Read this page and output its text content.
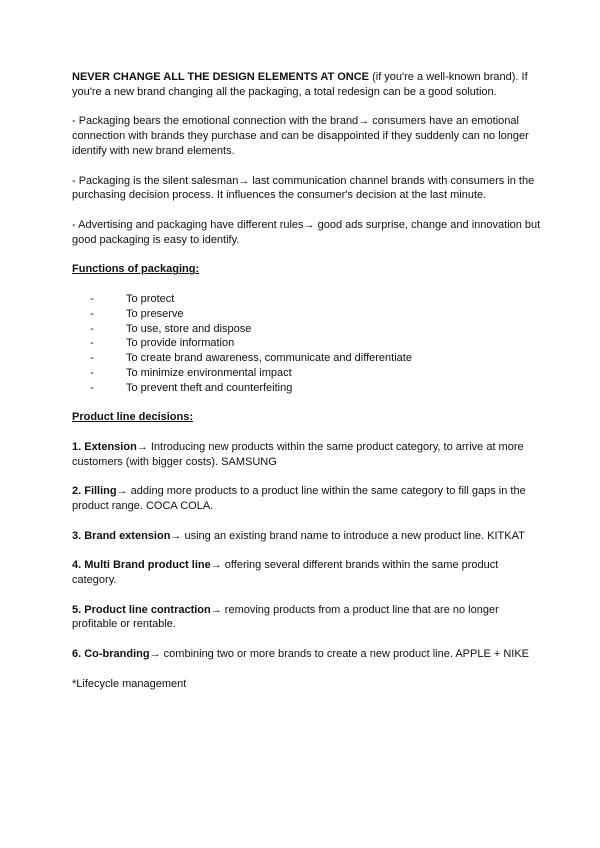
NEVER CHANGE ALL THE DESIGN ELEMENTS AT ONCE (if you're a well-known brand). If you're a new brand changing all the packaging, a total redesign can be a good solution.

- Packaging bears the emotional connection with the brand→ consumers have an emotional connection with brands they purchase and can be disappointed if they suddenly can no longer identify with new brand elements.

- Packaging is the silent salesman→ last communication channel brands with consumers in the purchasing decision process. It influences the consumer's decision at the last minute.

- Advertising and packaging have different rules→ good ads surprise, change and innovation but good packaging is easy to identify.

Functions of packaging:

-	To protect
-	To preserve
-	To use, store and dispose
-	To provide information
-	To create brand awareness, communicate and differentiate
-	To minimize environmental impact
-	To prevent theft and counterfeiting

Product line decisions:

1. Extension→ Introducing new products within the same product category, to arrive at more customers (with bigger costs). SAMSUNG

2. Filling→ adding more products to a product line within the same category to fill gaps in the product range. COCA COLA.

3. Brand extension→ using an existing brand name to introduce a new product line. KITKAT

4. Multi Brand product line→ offering several different brands within the same product category.

5. Product line contraction→ removing products from a product line that are no longer profitable or rentable.

6. Co-branding→ combining two or more brands to create a new product line. APPLE + NIKE

*Lifecycle management
